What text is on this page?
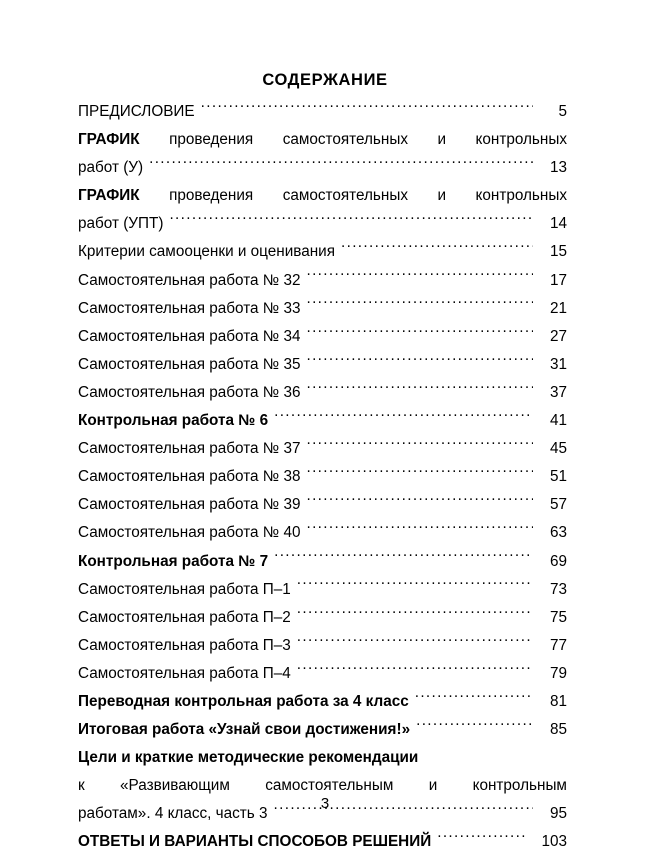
СОДЕРЖАНИЕ
ПРЕДИСЛОВИЕ .....	5
ГРАФИК проведения самостоятельных и контрольных
работ (У) .....	13
ГРАФИК проведения самостоятельных и контрольных
работ (УПТ) .....	14
Критерии самооценки и оценивания .....	15
Самостоятельная работа № 32 .....	17
Самостоятельная работа № 33 .....	21
Самостоятельная работа № 34 .....	27
Самостоятельная работа № 35 .....	31
Самостоятельная работа № 36 .....	37
Контрольная работа № 6 .....	41
Самостоятельная работа № 37 .....	45
Самостоятельная работа № 38 .....	51
Самостоятельная работа № 39 .....	57
Самостоятельная работа № 40 .....	63
Контрольная работа № 7 .....	69
Самостоятельная работа П–1 .....	73
Самостоятельная работа П–2 .....	75
Самостоятельная работа П–3 .....	77
Самостоятельная работа П–4 .....	79
Переводная контрольная работа за 4 класс .....	81
Итоговая работа «Узнай свои достижения!» .....	85
Цели и краткие методические рекомендации
к «Развивающим самостоятельным и контрольным
работам». 4 класс, часть 3 .....	95
ОТВЕТЫ И ВАРИАНТЫ СПОСОБОВ РЕШЕНИЙ .....	103
3
